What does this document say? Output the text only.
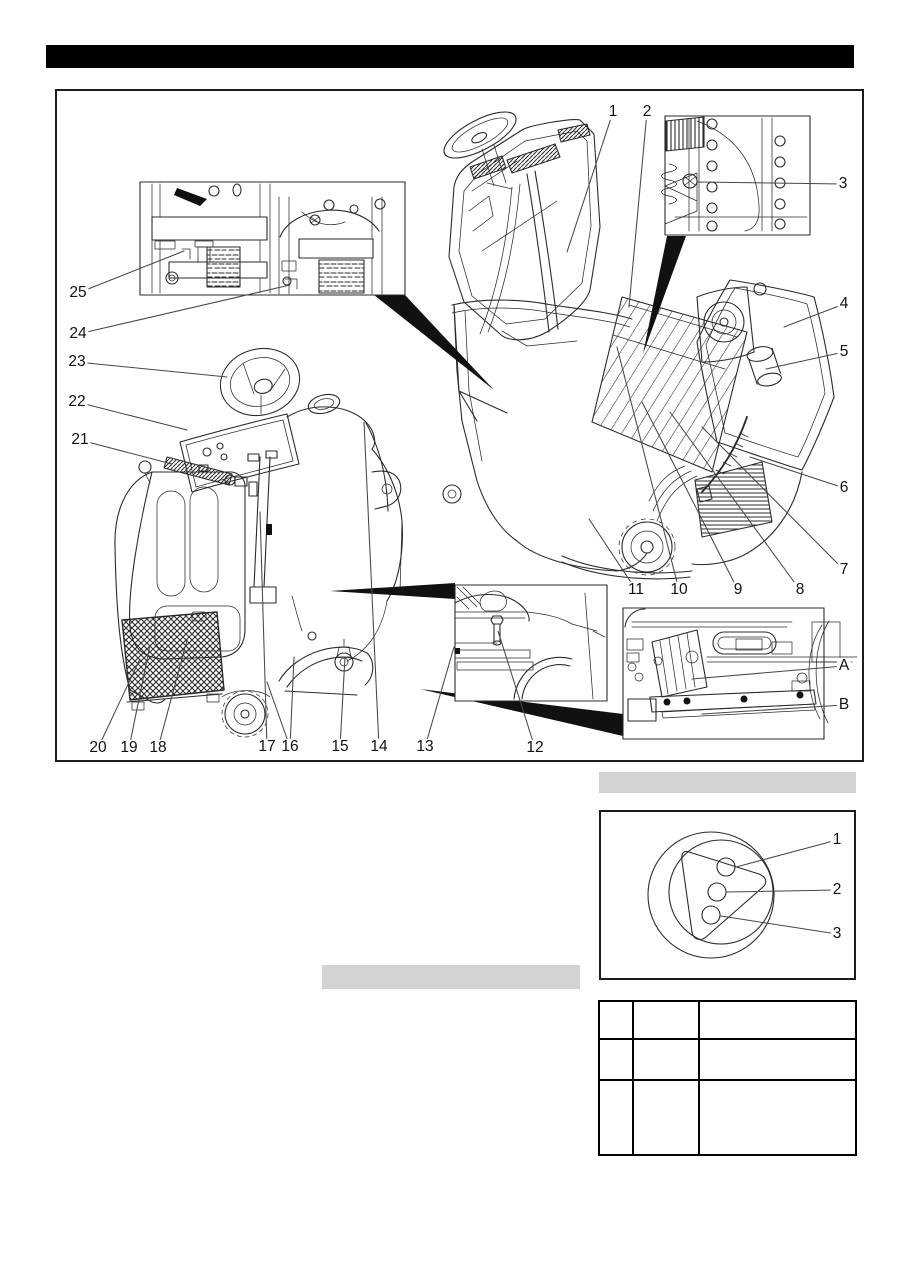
1 2
3
4
5
6
7
8
9
10
11
12
13
14
15
16
17
18
19
20
21
22
23
24
25
A
B
1
2
3
